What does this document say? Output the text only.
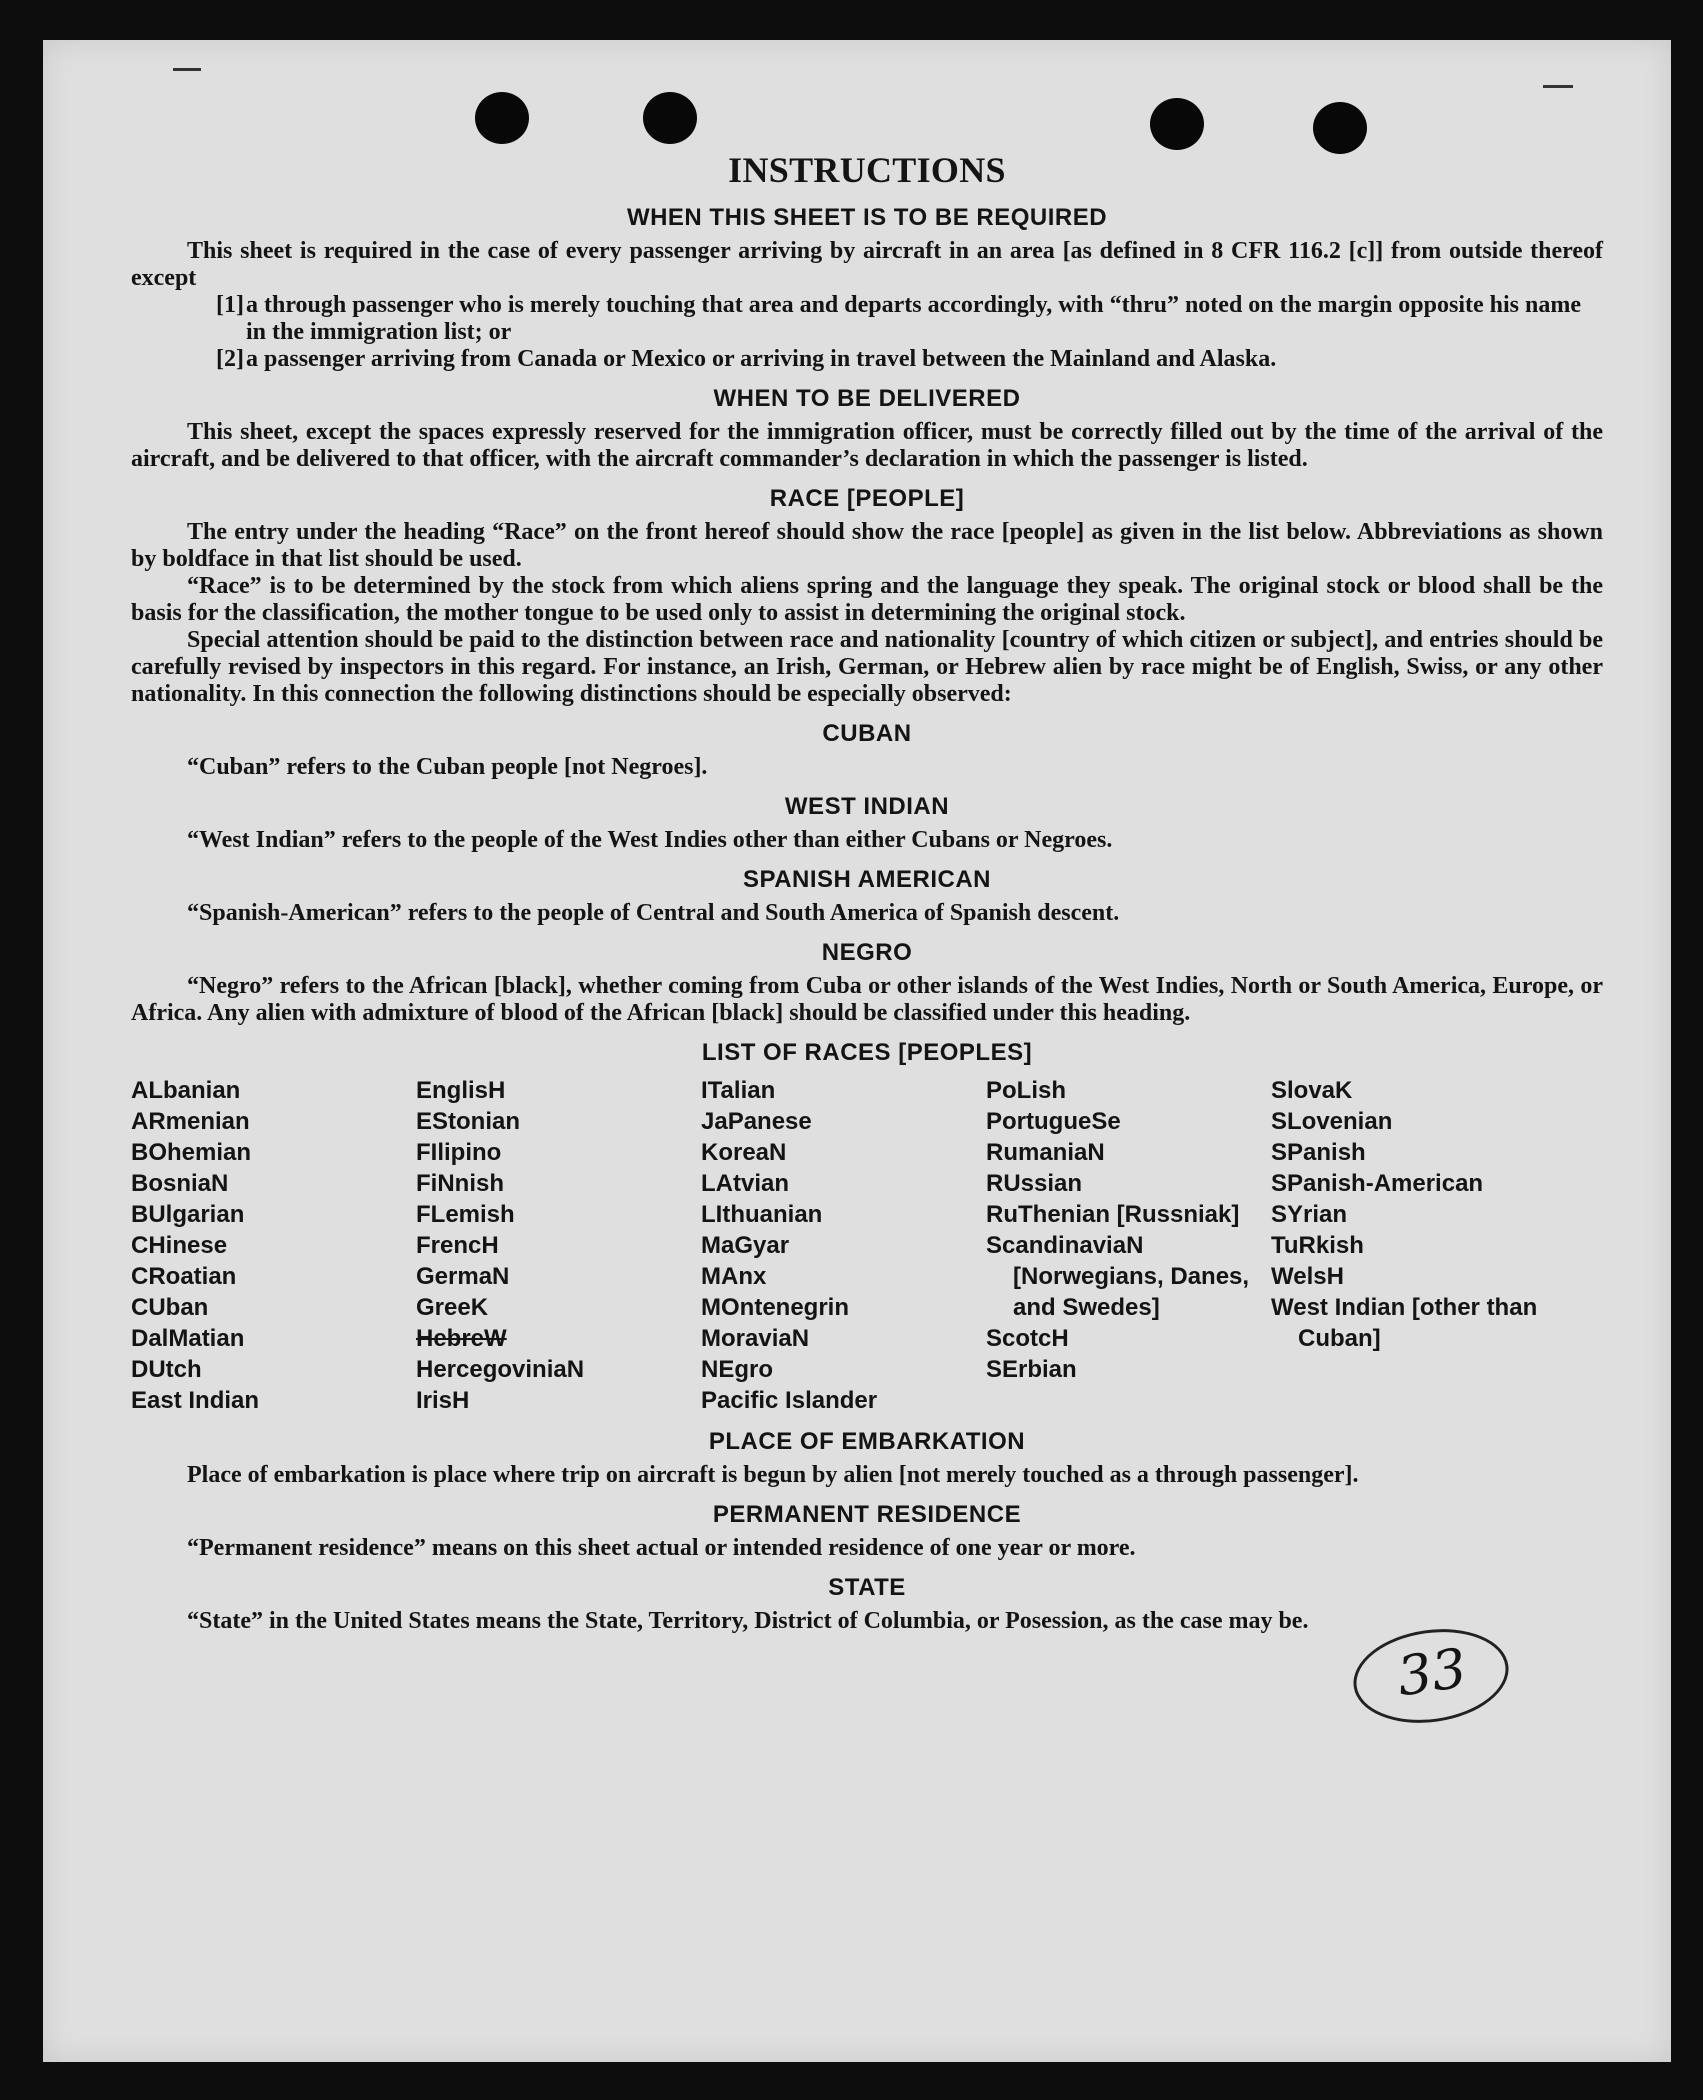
33
INSTRUCTIONS
WHEN THIS SHEET IS TO BE REQUIRED

This sheet is required in the case of every passenger arriving by aircraft in an area [as defined in 8 CFR 116.2 [c]] from outside thereof except

[1]a through passenger who is merely touching that area and departs accordingly, with “thru” noted on the margin opposite his name in the immigration list; or

[2]a passenger arriving from Canada or Mexico or arriving in travel between the Mainland and Alaska.

WHEN TO BE DELIVERED

This sheet, except the spaces expressly reserved for the immigration officer, must be correctly filled out by the time of the arrival of the aircraft, and be delivered to that officer, with the aircraft commander’s declaration in which the passenger is listed.

RACE [PEOPLE]

The entry under the heading “Race” on the front hereof should show the race [people] as given in the list below. Abbreviations as shown by boldface in that list should be used.

“Race” is to be determined by the stock from which aliens spring and the language they speak. The original stock or blood shall be the basis for the classification, the mother tongue to be used only to assist in determining the original stock.

Special attention should be paid to the distinction between race and nationality [country of which citizen or subject], and entries should be carefully revised by inspectors in this regard. For instance, an Irish, German, or Hebrew alien by race might be of English, Swiss, or any other nationality. In this connection the following distinctions should be especially observed:

CUBAN

“Cuban” refers to the Cuban people [not Negroes].

WEST INDIAN

“West Indian” refers to the people of the West Indies other than either Cubans or Negroes.

SPANISH AMERICAN

“Spanish-American” refers to the people of Central and South America of Spanish descent.

NEGRO

“Negro” refers to the African [black], whether coming from Cuba or other islands of the West Indies, North or South America, Europe, or Africa. Any alien with admixture of blood of the African [black] should be classified under this heading.

LIST OF RACES [PEOPLES]
ALbanian
ARmenian
BOhemian
BosniaN
BUlgarian
CHinese
CRoatian
CUban
DalMatian
DUtch
East Indian
EnglisH
EStonian
FIlipino
FiNnish
FLemish
FrencH
GermaN
GreeK
HebreW
HercegoviniaN
IrisH
ITalian
JaPanese
KoreaN
LAtvian
LIthuanian
MaGyar
MAnx
MOntenegrin
MoraviaN
NEgro
Pacific Islander
PoLish
PortugueSe
RumaniaN
RUssian
RuThenian [Russniak]
ScandinaviaN [Norwegians, Danes, and Swedes]
ScotcH
SErbian
SlovaK
SLovenian
SPanish
SPanish-American
SYrian
TuRkish
WelsH
West Indian [other than Cuban]
PLACE OF EMBARKATION

Place of embarkation is place where trip on aircraft is begun by alien [not merely touched as a through passenger].

PERMANENT RESIDENCE

“Permanent residence” means on this sheet actual or intended residence of one year or more.

STATE

“State” in the United States means the State, Territory, District of Columbia, or Posession, as the case may be.
